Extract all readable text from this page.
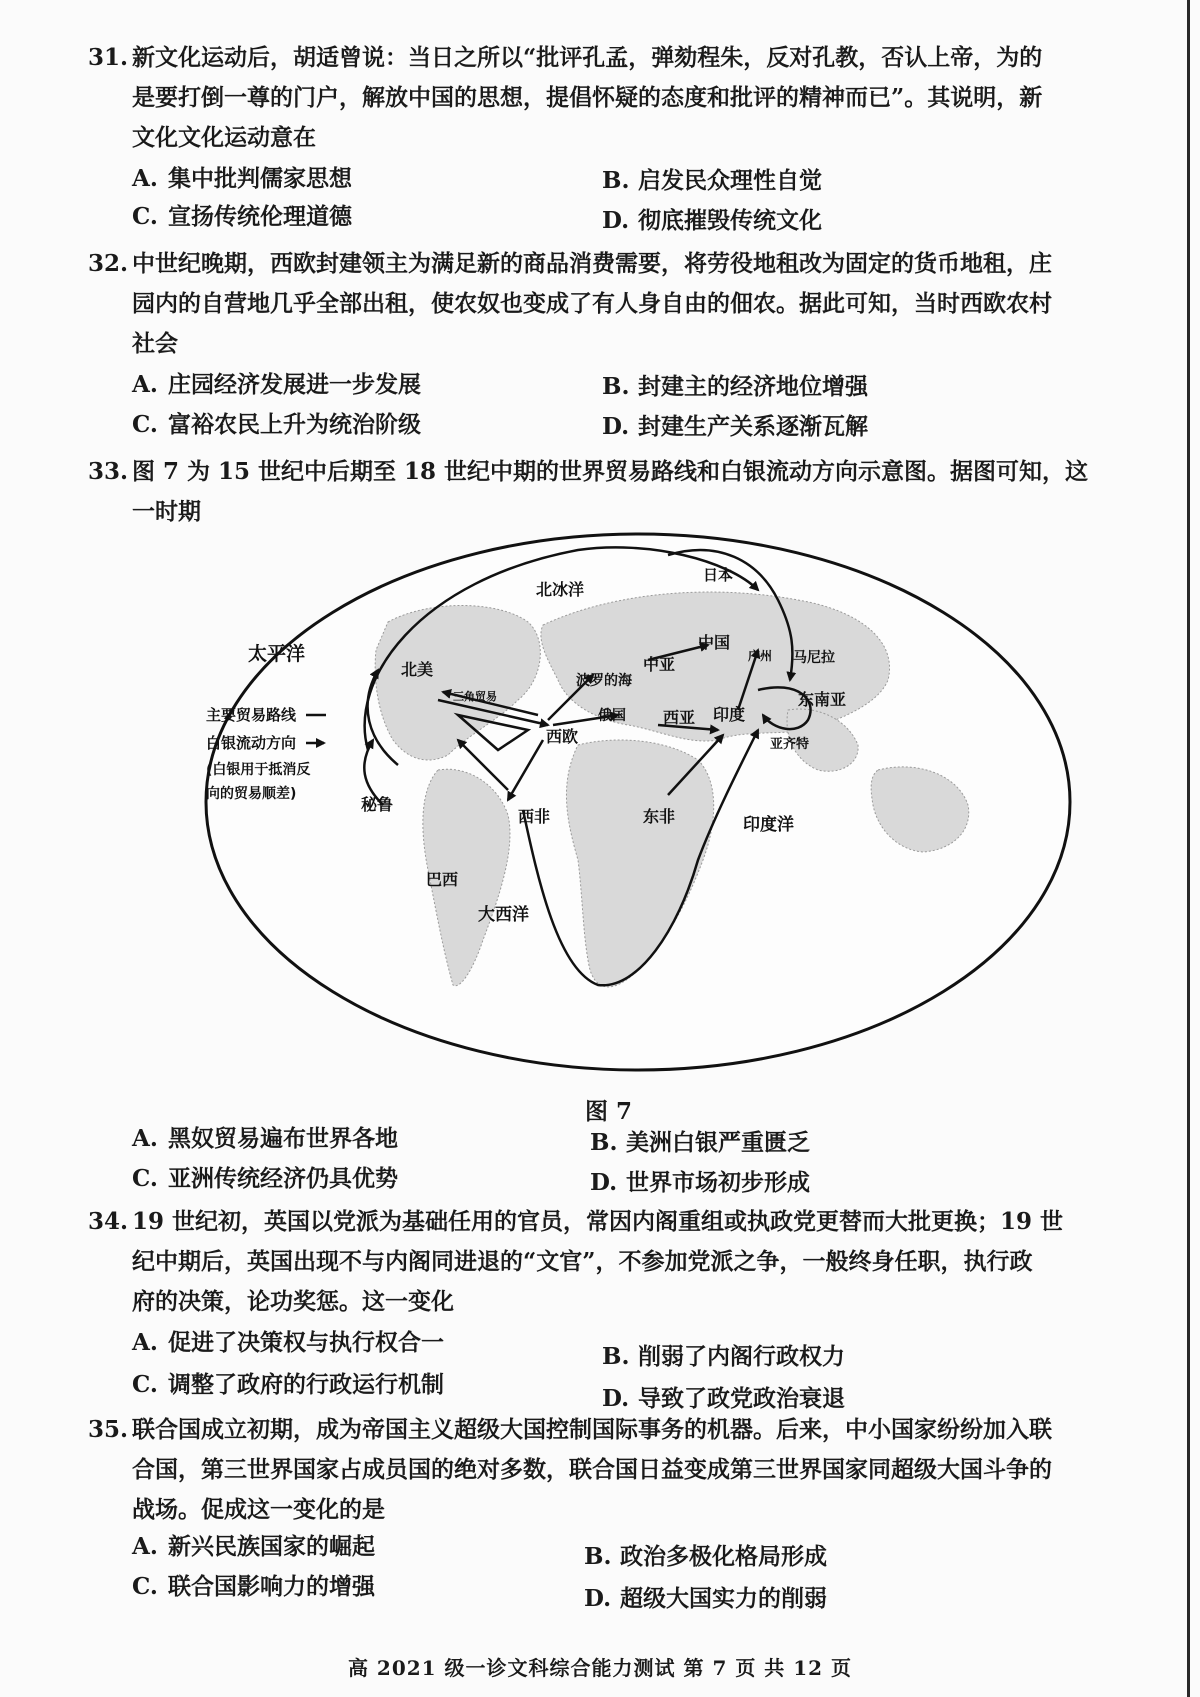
31. 新文化运动后，胡适曾说：当日之所以“批评孔孟，弹劾程朱，反对孔教，否认上帝，为的
是要打倒一尊的门户，解放中国的思想，提倡怀疑的态度和批评的精神而已”。其说明，新
文化文化运动意在
A. 集中批判儒家思想	B. 启发民众理性自觉
C. 宣扬传统伦理道德	D. 彻底摧毁传统文化
32. 中世纪晚期，西欧封建领主为满足新的商品消费需要，将劳役地租改为固定的货币地租，庄
园内的自营地几乎全部出租，使农奴也变成了有人身自由的佃农。据此可知，当时西欧农村
社会
A. 庄园经济发展进一步发展	B. 封建主的经济地位增强
C. 富裕农民上升为统治阶级	D. 封建生产关系逐渐瓦解
33. 图 7 为 15 世纪中后期至 18 世纪中期的世界贸易路线和白银流动方向示意图。据图可知，这
一时期
太平洋
北冰洋
印度洋
大西洋
北美
秘鲁
巴西
西欧
西非	东非
波罗的海
中亚
西亚
俄国	印度
中国
日本
马尼拉
东南亚
亚齐特
三角贸易
广州
主要贸易路线
白银流动方向
(白银用于抵消反
向的贸易顺差)
图 7
A. 黑奴贸易遍布世界各地	B. 美洲白银严重匮乏
C. 亚洲传统经济仍具优势	D. 世界市场初步形成
34. 19 世纪初，英国以党派为基础任用的官员，常因内阁重组或执政党更替而大批更换；19 世
纪中期后，英国出现不与内阁同进退的“文官”，不参加党派之争，一般终身任职，执行政
府的决策，论功奖惩。这一变化
A. 促进了决策权与执行权合一
B. 削弱了内阁行政权力
C. 调整了政府的行政运行机制
D. 导致了政党政治衰退
35. 联合国成立初期，成为帝国主义超级大国控制国际事务的机器。后来，中小国家纷纷加入联
合国，第三世界国家占成员国的绝对多数，联合国日益变成第三世界国家同超级大国斗争的
战场。促成这一变化的是
A. 新兴民族国家的崛起	B. 政治多极化格局形成
C. 联合国影响力的增强	D. 超级大国实力的削弱
高 2021 级一诊文科综合能力测试 第 7 页 共 12 页
